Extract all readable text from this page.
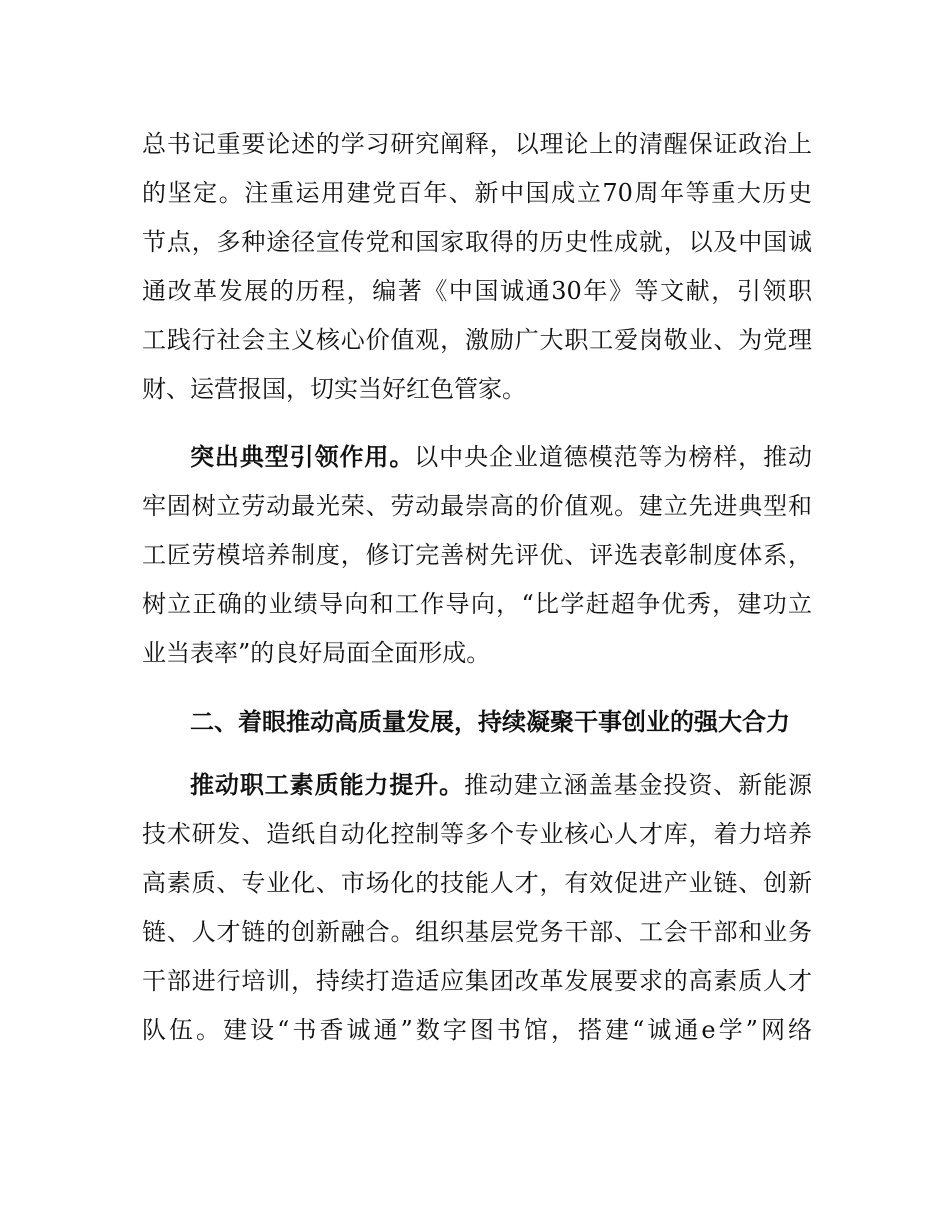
总书记重要论述的学习研究阐释，以理论上的清醒保证政治上
的坚定。注重运用建党百年、新中国成立70周年等重大历史
节点，多种途径宣传党和国家取得的历史性成就，以及中国诚
通改革发展的历程，编著《中国诚通30年》等文献，引领职
工践行社会主义核心价值观，激励广大职工爱岗敬业、为党理
财、运营报国，切实当好红色管家。
突出典型引领作用。以中央企业道德模范等为榜样，推动
牢固树立劳动最光荣、劳动最崇高的价值观。建立先进典型和
工匠劳模培养制度，修订完善树先评优、评选表彰制度体系，
树立正确的业绩导向和工作导向，“比学赶超争优秀，建功立
业当表率”的良好局面全面形成。
二、着眼推动高质量发展，持续凝聚干事创业的强大合力
推动职工素质能力提升。推动建立涵盖基金投资、新能源
技术研发、造纸自动化控制等多个专业核心人才库，着力培养
高素质、专业化、市场化的技能人才，有效促进产业链、创新
链、人才链的创新融合。组织基层党务干部、工会干部和业务
干部进行培训，持续打造适应集团改革发展要求的高素质人才
队伍。建设“书香诚通”数字图书馆，搭建“诚通e学”网络
